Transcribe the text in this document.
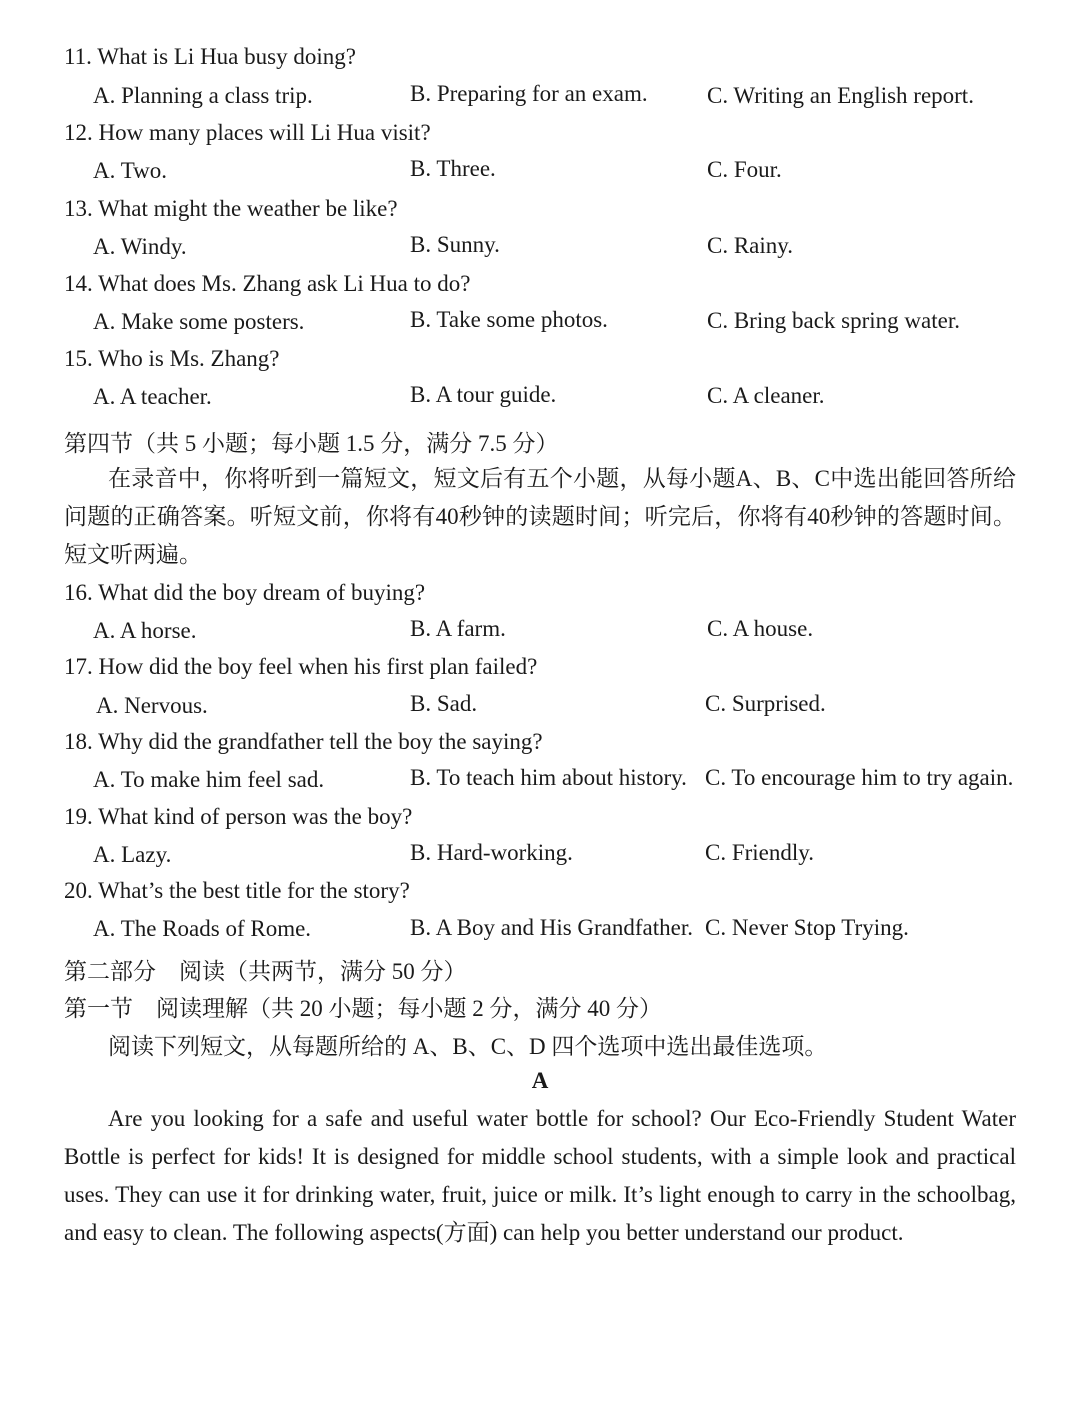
11. What is Li Hua busy doing?
A. Planning a class trip.	B. Preparing for an exam.	C. Writing an English report.
12. How many places will Li Hua visit?
A. Two.	B. Three.	C. Four.
13. What might the weather be like?
A. Windy.	B. Sunny.	C. Rainy.
14. What does Ms. Zhang ask Li Hua to do?
A. Make some posters.	B. Take some photos.	C. Bring back spring water.
15. Who is Ms. Zhang?
A. A teacher.	B. A tour guide.	C. A cleaner.
第四节（共 5 小题；每小题 1.5 分，满分 7.5 分）
在录音中，你将听到一篇短文，短文后有五个小题，从每小题A、B、C中选出能回答所给问题的正确答案。听短文前，你将有40秒钟的读题时间；听完后，你将有40秒钟的答题时间。短文听两遍。
16. What did the boy dream of buying?
A. A horse.	B. A farm.	C. A house.
17. How did the boy feel when his first plan failed?
A. Nervous.	B. Sad.	C. Surprised.
18. Why did the grandfather tell the boy the saying?
A. To make him feel sad.	B. To teach him about history. C. To encourage him to try again.
19. What kind of person was the boy?
A. Lazy.	B. Hard-working.	C. Friendly.
20. What’s the best title for the story?
A. The Roads of Rome.	B. A Boy and His Grandfather. C. Never Stop Trying.
第二部分　阅读（共两节，满分 50 分）
第一节　阅读理解（共 20 小题；每小题 2 分，满分 40 分）
阅读下列短文，从每题所给的 A、B、C、D 四个选项中选出最佳选项。
A
Are you looking for a safe and useful water bottle for school? Our Eco-Friendly Student Water Bottle is perfect for kids! It is designed for middle school students, with a simple look and practical uses. They can use it for drinking water, fruit, juice or milk. It’s light enough to carry in the schoolbag, and easy to clean. The following aspects(方面) can help you better understand our product.
